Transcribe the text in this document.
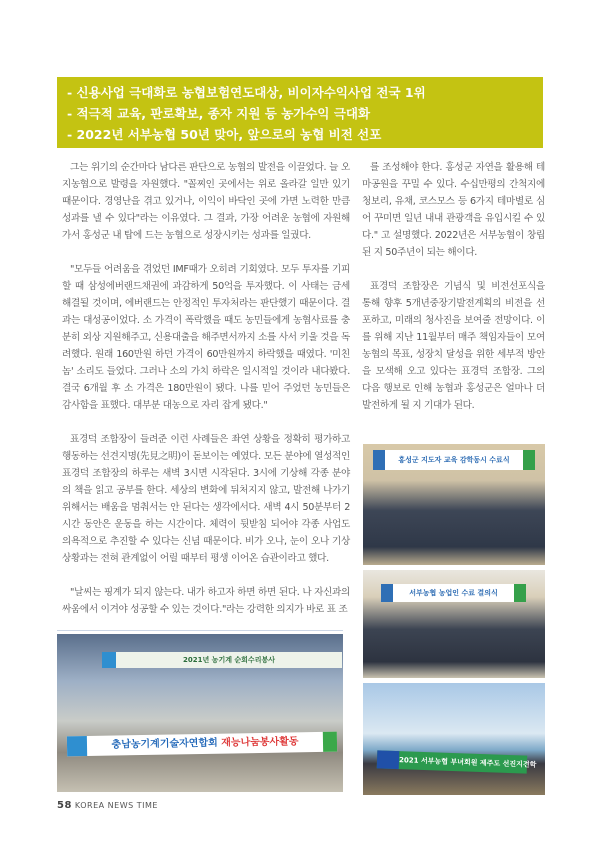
- 신용사업 극대화로 농협보험연도대상, 비이자수익사업 전국 1위
- 적극적 교육, 판로확보, 종자 지원 등 농가수익 극대화
- 2022년 서부농협 50년 맞아, 앞으로의 농협 비전 선포

그는 위기의 순간마다 남다른 판단으로 농협의 발전을 이끌었다. 늘 오지농협으로 발령을 자원했다. "꼴찌인 곳에서는 위로 올라갈 일만 있기 때문이다. 경영난을 겪고 있거나, 이익이 바닥인 곳에 가면 노력한 만큼 성과를 낼 수 있다"라는 이유였다. 그 결과, 가장 어려운 농협에 자원해 가서 홍성군 내 탑에 드는 농협으로 성장시키는 성과를 일궜다.

"모두들 어려움을 겪었던 IMF때가 오히려 기회였다. 모두 투자를 기피할 때 삼성에버랜드채권에 과감하게 50억을 투자했다. 이 사태는 금세 해결될 것이며, 에버랜드는 안정적인 투자처라는 판단했기 때문이다. 결과는 대성공이었다. 소 가격이 폭락했을 때도 농민들에게 농협사료를 충분히 외상 지원해주고, 신용대출을 해주면서까지 소를 사서 키울 것을 독려했다. 원래 160만원 하던 가격이 60만원까지 하락했을 때였다. '미친 놈' 소리도 들었다. 그러나 소의 가치 하락은 일시적일 것이라 내다봤다. 결국 6개월 후 소 가격은 180만원이 됐다. 나를 믿어 주었던 농민들은 감사함을 표했다. 대부분 대농으로 자리 잡게 됐다."

표경덕 조합장이 들려준 이런 사례들은 좌연 상황을 정확히 평가하고 행동하는 선견지명(先見之明)이 돋보이는 예였다. 모든 분야에 열성적인 표경덕 조합장의 하루는 새벽 3시면 시작된다. 3시에 기상해 각종 분야의 책을 읽고 공부를 한다. 세상의 변화에 뒤처지지 않고, 발전해 나가기 위해서는 배움을 멈춰서는 안 된다는 생각에서다. 새벽 4시 50분부터 2시간 동안은 운동을 하는 시간이다. 체력이 뒷받침 되어야 각종 사업도 의욕적으로 추진할 수 있다는 신념 때문이다. 비가 오나, 눈이 오나 기상 상황과는 전혀 관계없이 어릴 때부터 평생 이어온 습관이라고 했다.

"날씨는 핑계가 되지 않는다. 내가 하고자 하면 하면 된다. 나 자신과의 싸움에서 이겨야 성공할 수 있는 것이다."라는 강력한 의지가 바로 표 조

를 조성해야 한다. 홍성군 자연을 활용해 테마공원을 꾸밀 수 있다. 수십만평의 간척지에 청보리, 유채, 코스모스 등 6가지 테마별로 심어 꾸미면 일년 내내 관광객을 유입시킬 수 있다." 고 설명했다. 2022년은 서부농협이 창립된 지 50주년이 되는 해이다.

표경덕 조합장은 기념식 및 비전선포식을 통해 향후 5개년중장기발전계획의 비전을 선포하고, 미래의 청사진을 보여줄 전망이다. 이를 위해 지난 11월부터 매주 책임자들이 모여 농협의 목표, 성장치 달성을 위한 세부적 방안을 모색해 오고 있다는 표경덕 조합장. 그의 다음 행보로 인해 농협과 홍성군은 얼마나 더 발전하게 될 지 기대가 된다.

2021년 농기계 순회수리봉사
충남농기계기술자연합회 재능나눔봉사활동
홍성군 지도자 교육 감학동시 수료식
서부농협 농업인 수료 결의식
2021 서부농협 부녀회원 제주도 선진지견학
58 KOREA NEWS TIME
